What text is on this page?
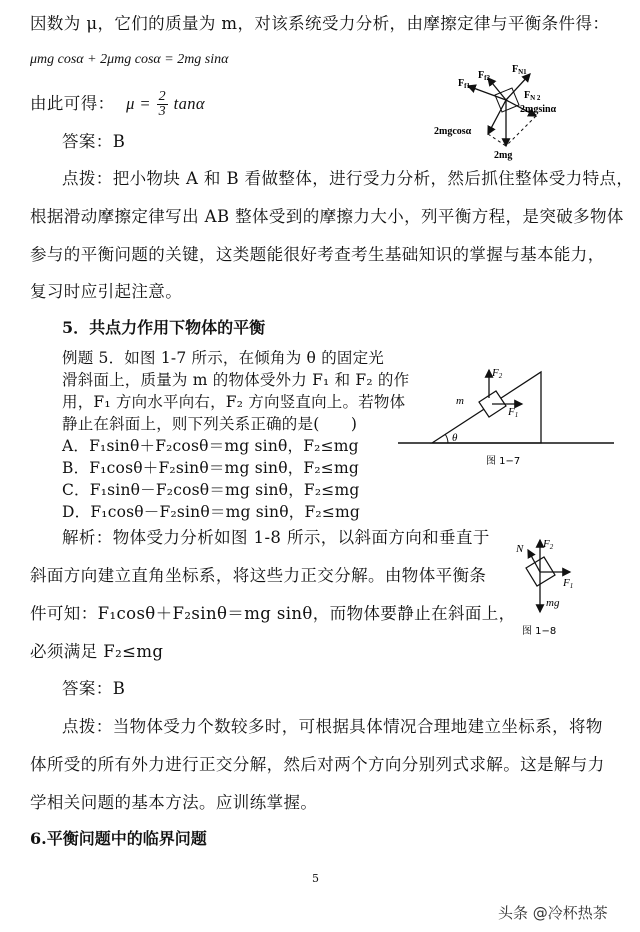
因数为 μ，它们的质量为 m，对该系统受力分析，由摩擦定律与平衡条件得：
μmg cosα + 2μmg cosα = 2mg sinα
由此可得： $\mu = \frac{2}{3}$ tanα
答案：B
$F_{f1}$
$F_{f2}$
$F_{N1}$
$F_{N 2}$
2mgsinα
2mgcosα
2mg
点拨：把小物块 A 和 B 看做整体，进行受力分析，然后抓住整体受力特点，
根据滑动摩擦定律写出 AB 整体受到的摩擦力大小，列平衡方程，是突破多物体
参与的平衡问题的关键，这类题能很好考查考生基础知识的掌握与基本能力，
复习时应引起注意。
5．共点力作用下物体的平衡
例题 5．如图 1-7 所示，在倾角为 θ 的固定光
滑斜面上，质量为 m 的物体受外力 F₁ 和 F₂ 的作
用，F₁ 方向水平向右，F₂ 方向竖直向上。若物体
静止在斜面上，则下列关系正确的是(　　)
A．F₁sinθ＋F₂cosθ＝mg sinθ，F₂≤mg
B．F₁cosθ＋F₂sinθ＝mg sinθ，F₂≤mg
C．F₁sinθ－F₂cosθ＝mg sinθ，F₂≤mg
D．F₁cosθ－F₂sinθ＝mg sinθ，F₂≤mg
θ
F2
m
F1
图 1−7
解析：物体受力分析如图 1-8 所示，以斜面方向和垂直于
斜面方向建立直角坐标系，将这些力正交分解。由物体平衡条
件可知：F₁cosθ＋F₂sinθ＝mg sinθ，而物体要静止在斜面上，
必须满足 F₂≤mg
N F2
F1
mg
图 1−8
答案：B
点拨：当物体受力个数较多时，可根据具体情况合理地建立坐标系，将物
体所受的所有外力进行正交分解，然后对两个方向分别列式求解。这是解与力
学相关问题的基本方法。应训练掌握。
6.平衡问题中的临界问题
5
头条 @冷杯热茶
